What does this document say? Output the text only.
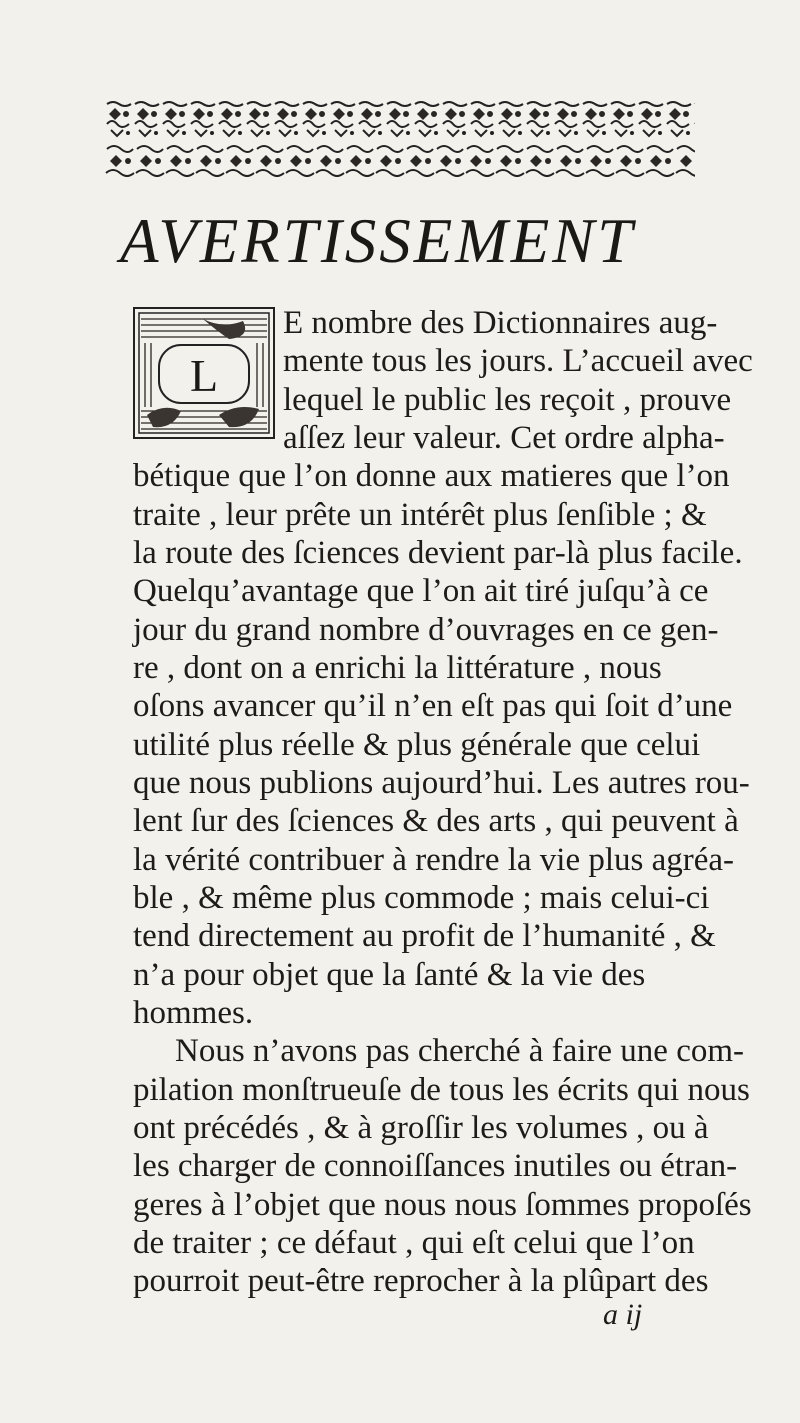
AVERTISSEMENT
L
E nombre des Dictionnaires aug-
mente tous les jours. L’accueil avec
lequel le public les reçoit , prouve
aſſez leur valeur. Cet ordre alpha-
bétique que l’on donne aux matieres que l’on
traite , leur prête un intérêt plus ſenſible ; &
la route des ſciences devient par-là plus facile.
Quelqu’avantage que l’on ait tiré juſqu’à ce
jour du grand nombre d’ouvrages en ce gen-
re , dont on a enrichi la littérature , nous
oſons avancer qu’il n’en eſt pas qui ſoit d’une
utilité plus réelle & plus générale que celui
que nous publions aujourd’hui. Les autres rou-
lent ſur des ſciences & des arts , qui peuvent à
la vérité contribuer à rendre la vie plus agréa-
ble , & même plus commode ; mais celui-ci
tend directement au profit de l’humanité , &
n’a pour objet que la ſanté & la vie des
hommes.
Nous n’avons pas cherché à faire une com-
pilation monſtrueuſe de tous les écrits qui nous
ont précédés , & à groſſir les volumes , ou à
les charger de connoiſſances inutiles ou étran-
geres à l’objet que nous nous ſommes propoſés
de traiter ; ce défaut , qui eſt celui que l’on
pourroit peut-être reprocher à la plûpart des
a ij
